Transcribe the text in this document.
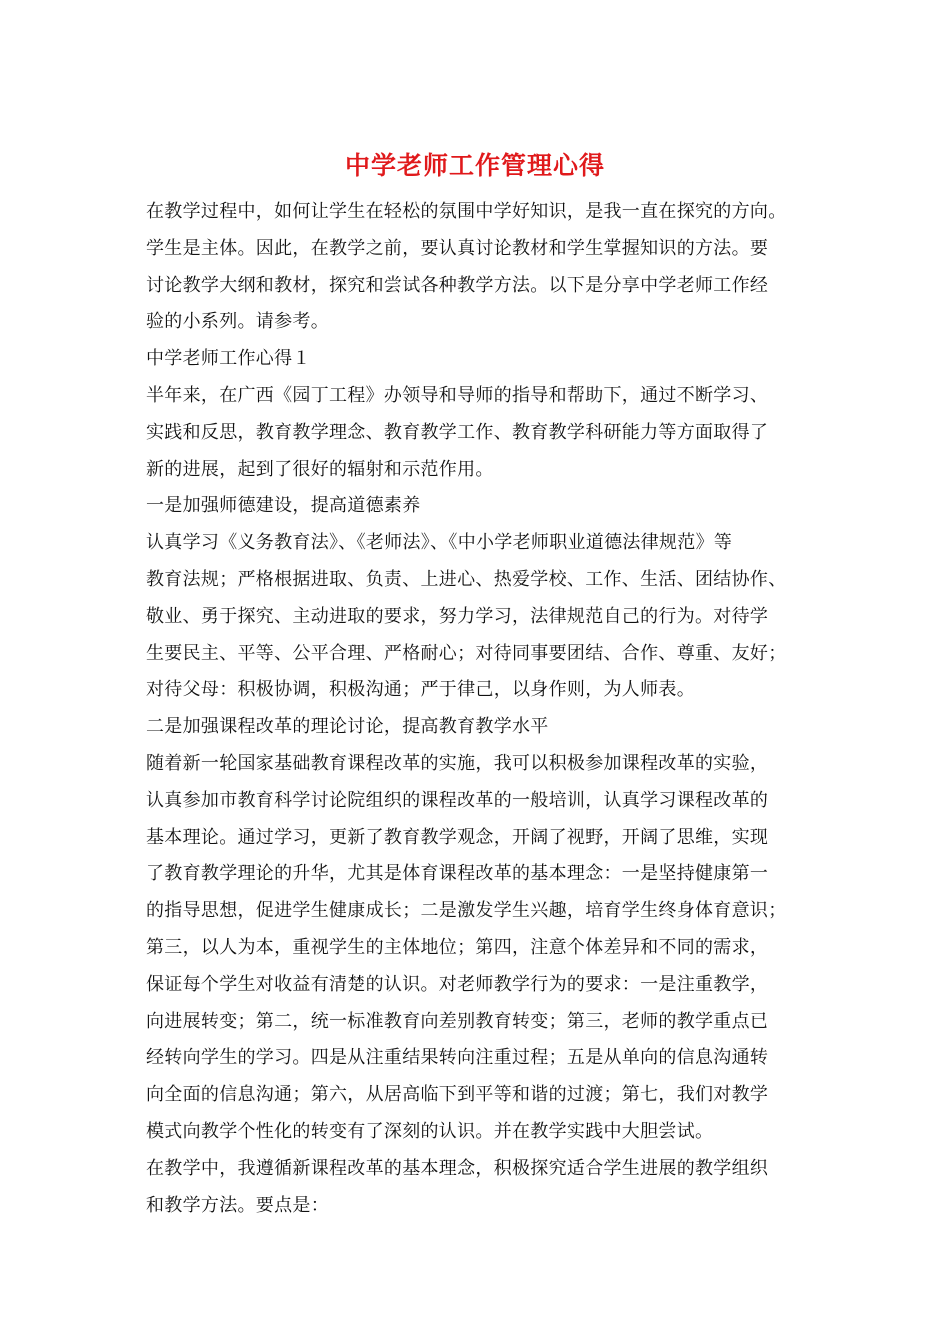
中学老师工作管理心得
在教学过程中，如何让学生在轻松的氛围中学好知识，是我一直在探究的方向。
学生是主体。因此，在教学之前，要认真讨论教材和学生掌握知识的方法。要
讨论教学大纲和教材，探究和尝试各种教学方法。以下是分享中学老师工作经
验的小系列。请参考。
中学老师工作心得１
半年来，在广西《园丁工程》办领导和导师的指导和帮助下，通过不断学习、
实践和反思，教育教学理念、教育教学工作、教育教学科研能力等方面取得了
新的进展，起到了很好的辐射和示范作用。
一是加强师德建设，提高道德素养
认真学习《义务教育法》、《老师法》、《中小学老师职业道德法律规范》等
教育法规；严格根据进取、负责、上进心、热爱学校、工作、生活、团结协作、
敬业、勇于探究、主动进取的要求，努力学习，法律规范自己的行为。对待学
生要民主、平等、公平合理、严格耐心；对待同事要团结、合作、尊重、友好；
对待父母：积极协调，积极沟通；严于律己，以身作则，为人师表。
二是加强课程改革的理论讨论，提高教育教学水平
随着新一轮国家基础教育课程改革的实施，我可以积极参加课程改革的实验，
认真参加市教育科学讨论院组织的课程改革的一般培训，认真学习课程改革的
基本理论。通过学习，更新了教育教学观念，开阔了视野，开阔了思维，实现
了教育教学理论的升华，尤其是体育课程改革的基本理念：一是坚持健康第一
的指导思想，促进学生健康成长；二是激发学生兴趣，培育学生终身体育意识；
第三，以人为本，重视学生的主体地位；第四，注意个体差异和不同的需求，
保证每个学生对收益有清楚的认识。对老师教学行为的要求：一是注重教学，
向进展转变；第二，统一标准教育向差别教育转变；第三，老师的教学重点已
经转向学生的学习。四是从注重结果转向注重过程；五是从单向的信息沟通转
向全面的信息沟通；第六，从居高临下到平等和谐的过渡；第七，我们对教学
模式向教学个性化的转变有了深刻的认识。并在教学实践中大胆尝试。
在教学中，我遵循新课程改革的基本理念，积极探究适合学生进展的教学组织
和教学方法。要点是：
